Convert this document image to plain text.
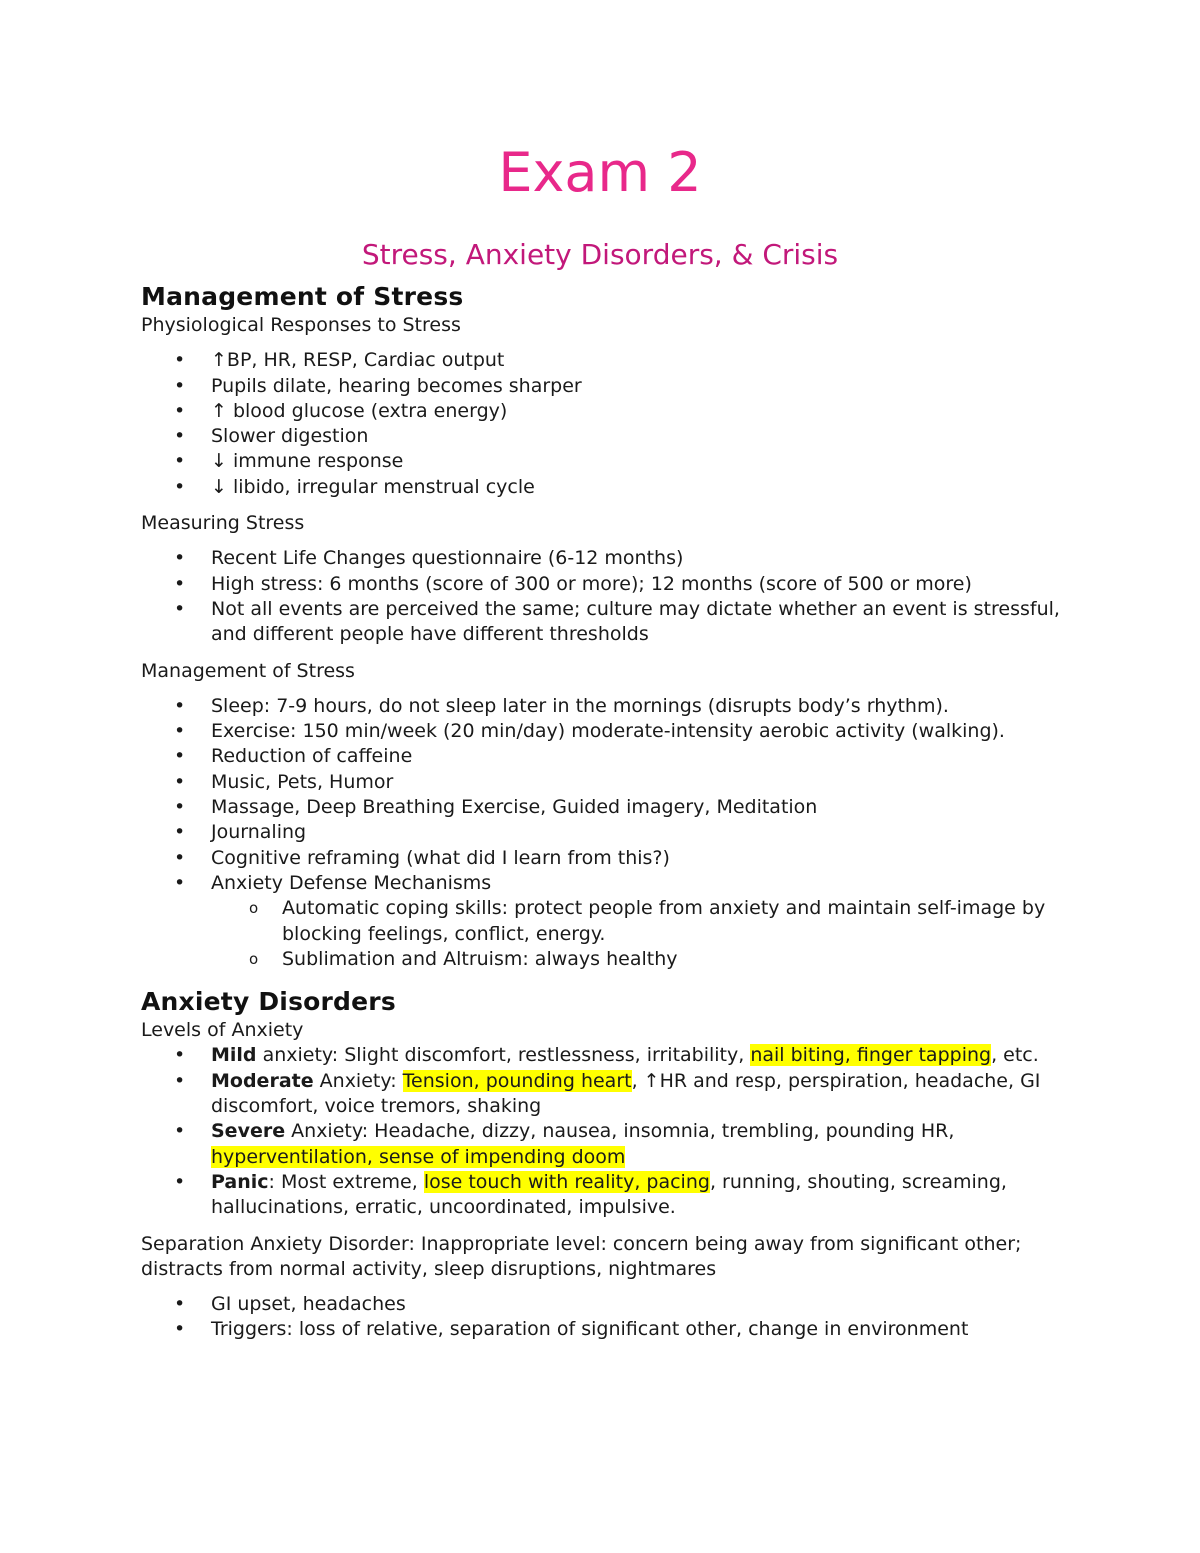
Exam 2
Stress, Anxiety Disorders, & Crisis
Management of Stress

Physiological Responses to Stress

• ↑BP, HR, RESP, Cardiac output
• Pupils dilate, hearing becomes sharper
• ↑ blood glucose (extra energy)
• Slower digestion
• ↓ immune response
• ↓ libido, irregular menstrual cycle

Measuring Stress

• Recent Life Changes questionnaire (6-12 months)
• High stress: 6 months (score of 300 or more); 12 months (score of 500 or more)
• Not all events are perceived the same; culture may dictate whether an event is stressful, and different people have different thresholds

Management of Stress

• Sleep: 7-9 hours, do not sleep later in the mornings (disrupts body’s rhythm).
• Exercise: 150 min/week (20 min/day) moderate-intensity aerobic activity (walking).
• Reduction of caffeine
• Music, Pets, Humor
• Massage, Deep Breathing Exercise, Guided imagery, Meditation
• Journaling
• Cognitive reframing (what did I learn from this?)
• Anxiety Defense Mechanisms
o Automatic coping skills: protect people from anxiety and maintain self-image by blocking feelings, conflict, energy.
o Sublimation and Altruism: always healthy
Anxiety Disorders

Levels of Anxiety

• Mild anxiety: Slight discomfort, restlessness, irritability, nail biting, finger tapping, etc.
• Moderate Anxiety: Tension, pounding heart, ↑HR and resp, perspiration, headache, GI discomfort, voice tremors, shaking
• Severe Anxiety: Headache, dizzy, nausea, insomnia, trembling, pounding HR, hyperventilation, sense of impending doom
• Panic: Most extreme, lose touch with reality, pacing, running, shouting, screaming, hallucinations, erratic, uncoordinated, impulsive.

Separation Anxiety Disorder: Inappropriate level: concern being away from significant other; distracts from normal activity, sleep disruptions, nightmares

• GI upset, headaches
• Triggers: loss of relative, separation of significant other, change in environment
